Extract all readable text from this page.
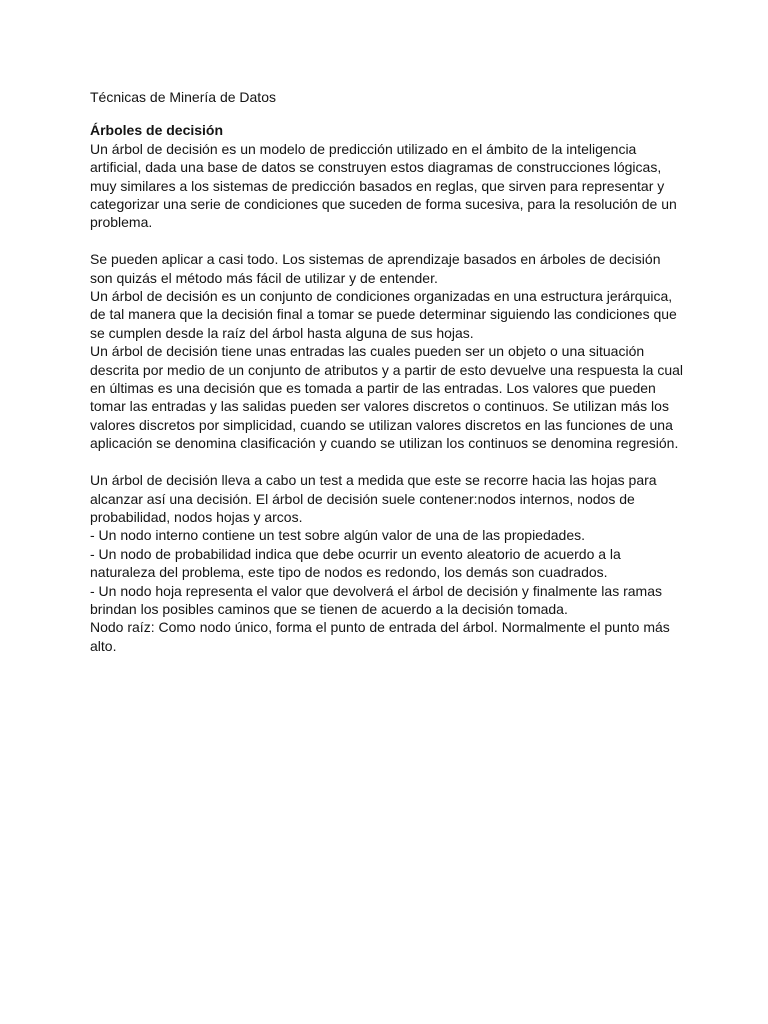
Técnicas de Minería de Datos

Árboles de decisión

Un árbol de decisión es un modelo de predicción utilizado en el ámbito de la inteligencia
artificial, dada una base de datos se construyen estos diagramas de construcciones lógicas,
muy similares a los sistemas de predicción basados en reglas, que sirven para representar y
categorizar una serie de condiciones que suceden de forma sucesiva, para la resolución de un
problema.

Se pueden aplicar a casi todo. Los sistemas de aprendizaje basados en árboles de decisión
son quizás el método más fácil de utilizar y de entender.

Un árbol de decisión es un conjunto de condiciones organizadas en una estructura jerárquica,
de tal manera que la decisión final a tomar se puede determinar siguiendo las condiciones que
se cumplen desde la raíz del árbol hasta alguna de sus hojas.

Un árbol de decisión tiene unas entradas las cuales pueden ser un objeto o una situación
descrita por medio de un conjunto de atributos y a partir de esto devuelve una respuesta la cual
en últimas es una decisión que es tomada a partir de las entradas. Los valores que pueden
tomar las entradas y las salidas pueden ser valores discretos o continuos. Se utilizan más los
valores discretos por simplicidad, cuando se utilizan valores discretos en las funciones de una
aplicación se denomina clasificación y cuando se utilizan los continuos se denomina regresión.

Un árbol de decisión lleva a cabo un test a medida que este se recorre hacia las hojas para
alcanzar así una decisión. El árbol de decisión suele contener:nodos internos, nodos de
probabilidad, nodos hojas y arcos.

- Un nodo interno contiene un test sobre algún valor de una de las propiedades.

- Un nodo de probabilidad indica que debe ocurrir un evento aleatorio de acuerdo a la
naturaleza del problema, este tipo de nodos es redondo, los demás son cuadrados.

- Un nodo hoja representa el valor que devolverá el árbol de decisión y finalmente las ramas
brindan los posibles caminos que se tienen de acuerdo a la decisión tomada.

Nodo raíz: Como nodo único, forma el punto de entrada del árbol. Normalmente el punto más
alto.
